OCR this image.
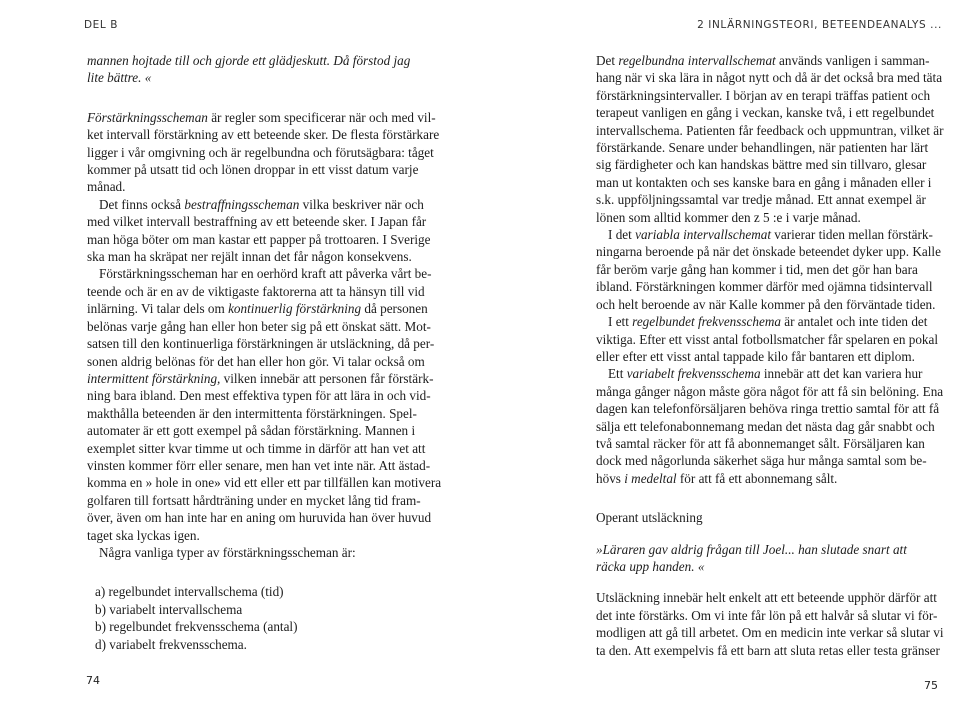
DEL B
mannen hojtade till och gjorde ett glädjeskutt. Då förstod jag
lite bättre. «
Förstärkningsscheman är regler som specificerar när och med vil-
ket intervall förstärkning av ett beteende sker. De flesta förstärkare
ligger i vår omgivning och är regelbundna och förutsägbara: tåget
kommer på utsatt tid och lönen droppar in ett visst datum varje
månad.
Det finns också bestraffningsscheman vilka beskriver när och
med vilket intervall bestraffning av ett beteende sker. I Japan får
man höga böter om man kastar ett papper på trottoaren. I Sverige
ska man ha skräpat ner rejält innan det får någon konsekvens.
Förstärkningsscheman har en oerhörd kraft att påverka vårt be-
teende och är en av de viktigaste faktorerna att ta hänsyn till vid
inlärning. Vi talar dels om kontinuerlig förstärkning då personen
belönas varje gång han eller hon beter sig på ett önskat sätt. Mot-
satsen till den kontinuerliga förstärkningen är utsläckning, då per-
sonen aldrig belönas för det han eller hon gör. Vi talar också om
intermittent förstärkning, vilken innebär att personen får förstärk-
ning bara ibland. Den mest effektiva typen för att lära in och vid-
makthålla beteenden är den intermittenta förstärkningen. Spel-
automater är ett gott exempel på sådan förstärkning. Mannen i
exemplet sitter kvar timme ut och timme in därför att han vet att
vinsten kommer förr eller senare, men han vet inte när. Att ästad-
komma en » hole in one» vid ett eller ett par tillfällen kan motivera
golfaren till fortsatt hårdträning under en mycket lång tid fram-
över, även om han inte har en aning om huruvida han över huvud
taget ska lyckas igen.
Några vanliga typer av förstärkningsscheman är:
a) regelbundet intervallschema (tid)
b) variabelt intervallschema
b) regelbundet frekvensschema (antal)
d) variabelt frekvensschema.
74
2 INLÄRNINGSTEORI, BETEENDEANALYS ...
Det regelbundna intervallschemat används vanligen i samman-
hang när vi ska lära in något nytt och då är det också bra med täta
förstärkningsintervaller. I början av en terapi träffas patient och
terapeut vanligen en gång i veckan, kanske två, i ett regelbundet
intervallschema. Patienten får feedback och uppmuntran, vilket är
förstärkande. Senare under behandlingen, när patienten har lärt
sig färdigheter och kan handskas bättre med sin tillvaro, glesar
man ut kontakten och ses kanske bara en gång i månaden eller i
s.k. uppföljningssamtal var tredje månad. Ett annat exempel är
lönen som alltid kommer den z 5 :e i varje månad.
I det variabla intervallschemat varierar tiden mellan förstärk-
ningarna beroende på när det önskade beteendet dyker upp. Kalle
får beröm varje gång han kommer i tid, men det gör han bara
ibland. Förstärkningen kommer därför med ojämna tidsintervall
och helt beroende av när Kalle kommer på den förväntade tiden.
I ett regelbundet frekvensschema är antalet och inte tiden det
viktiga. Efter ett visst antal fotbollsmatcher får spelaren en pokal
eller efter ett visst antal tappade kilo får bantaren ett diplom.
Ett variabelt frekvensschema innebär att det kan variera hur
många gånger någon måste göra något för att få sin belöning. Ena
dagen kan telefonförsäljaren behöva ringa trettio samtal för att få
sälja ett telefonabonnemang medan det nästa dag går snabbt och
två samtal räcker för att få abonnemanget sålt. Försäljaren kan
dock med någorlunda säkerhet säga hur många samtal som be-
hövs i medeltal för att få ett abonnemang sålt.
Operant utsläckning
»Läraren gav aldrig frågan till Joel... han slutade snart att
räcka upp handen. «
Utsläckning innebär helt enkelt att ett beteende upphör därför att
det inte förstärks. Om vi inte får lön på ett halvår så slutar vi för-
modligen att gå till arbetet. Om en medicin inte verkar så slutar vi
ta den. Att exempelvis få ett barn att sluta retas eller testa gränser
75
